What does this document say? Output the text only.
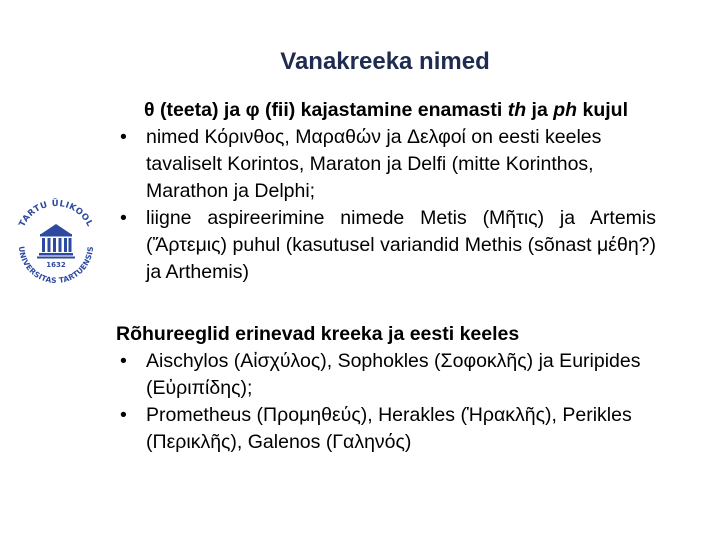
Vanakreeka nimed
TARTU ÜLIKOOL
UNIVERSITAS TARTUENSIS
1632

θ (teeta) ja φ (fii) kajastamine enamasti th ja ph kujul

• nimed Κόρινθος, Μαραθών ja Δελφοί on eesti keeles tavaliselt Korintos, Maraton ja Delfi (mitte Korinthos, Marathon ja Delphi;
• liigne aspireerimine nimede Metis (Μῆτις) ja Artemis (Ἄρτεμις) puhul (kasutusel variandid Methis (sõnast μέθη?) ja Arthemis)

Rõhureeglid erinevad kreeka ja eesti keeles

• Aischylos (Αἰσχύλος), Sophokles (Σοφοκλῆς) ja Euripides (Εὐριπίδης);
• Prometheus (Προμηθεύς), Herakles (Ἡρακλῆς), Perikles (Περικλῆς), Galenos (Γαληνός)
